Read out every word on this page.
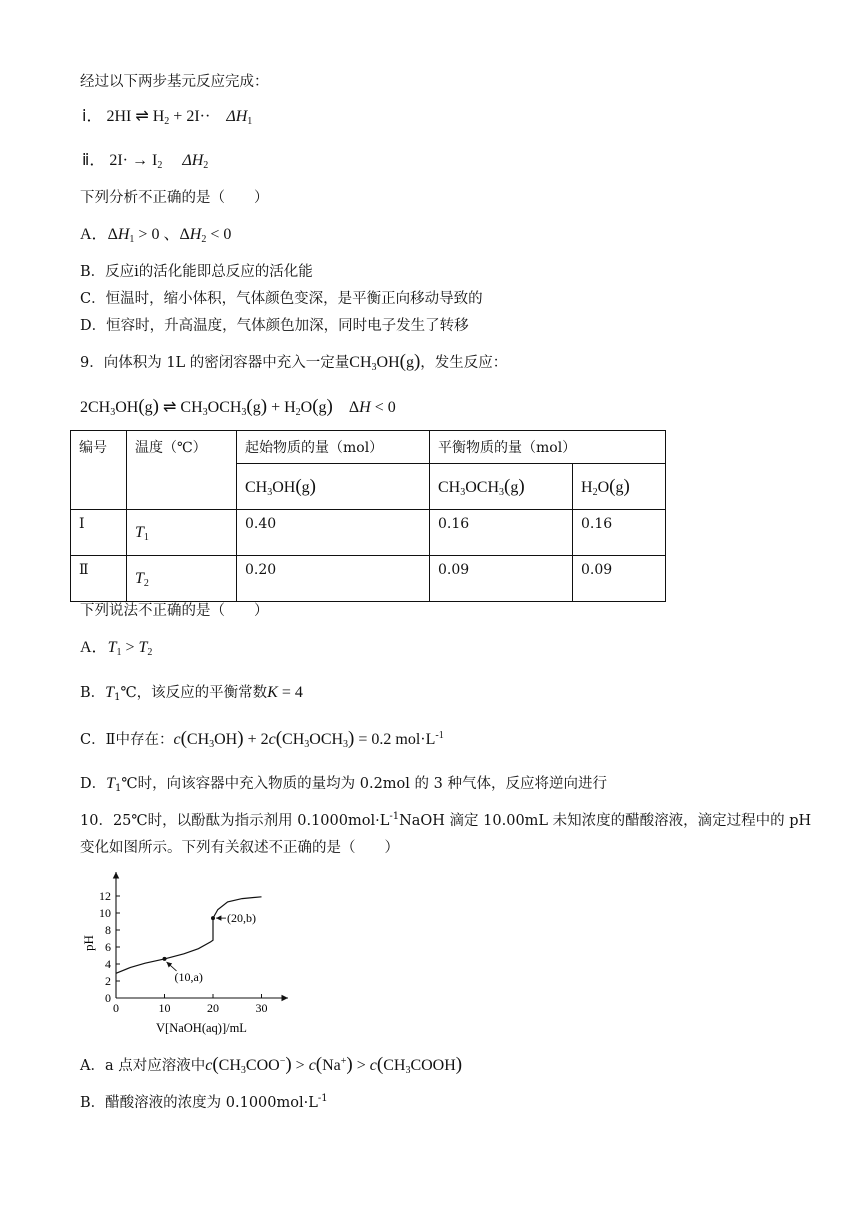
经过以下两步基元反应完成：
ⅰ． 2HI ⇌ $H_2 + 2I\cdot\cdot$    $\Delta H_1$
ⅱ． $2I\cdot \to I_2$ $\Delta H_2$
下列分析不正确的是（　　）
A．$\Delta H_1 > 0$ 、$\Delta H_2 < 0$
B．反应ⅰ的活化能即总反应的活化能
C．恒温时，缩小体积，气体颜色变深，是平衡正向移动导致的
D．恒容时，升高温度，气体颜色加深，同时电子发生了转移
9．向体积为 1L 的密闭容器中充入一定量$CH_3OH(g)$，发生反应：
$2CH_3OH(g)$ ⇌ $CH_3OCH_3(g) + H_2O(g)$    ΔH < 0
编号	温度（℃）	起始物质的量（mol）	平衡物质的量（mol）	
		$CH_3OH(g)$	$CH_3OCH_3(g)$	$H_2O(g)$
Ⅰ	$T_1$	0.40	0.16	0.16
Ⅱ	$T_2$	0.20	0.09	0.09
下列说法不正确的是（　　）
A．$T_1 > T_2$
B．$T_1℃$，该反应的平衡常数K = 4
C．Ⅱ中存在：$c(CH_3OH) + 2c(CH_3OCH_3) = 0.2$ $mol\cdot L^{-1}$
D．$T_1℃$时，向该容器中充入物质的量均为 0.2mol 的 3 种气体，反应将逆向进行
10．25℃时，以酚酞为指示剂用 $0.1000mol\cdot L^{-1}NaOH$ 滴定 10.00mL 未知浓度的醋酸溶液，滴定过程中的 pH
变化如图所示。下列有关叙述不正确的是（　　）
0
2
4
6
8
10
12
0	10	20	30
(10,a)
(20,b)
pH
V[NaOH(aq)]/mL
A．a 点对应溶液中$c(CH_3COO^-) > c(Na^+)$ > $c(CH_3COOH)$
B．醋酸溶液的浓度为 $0.1000mol\cdot L^{-1}$
